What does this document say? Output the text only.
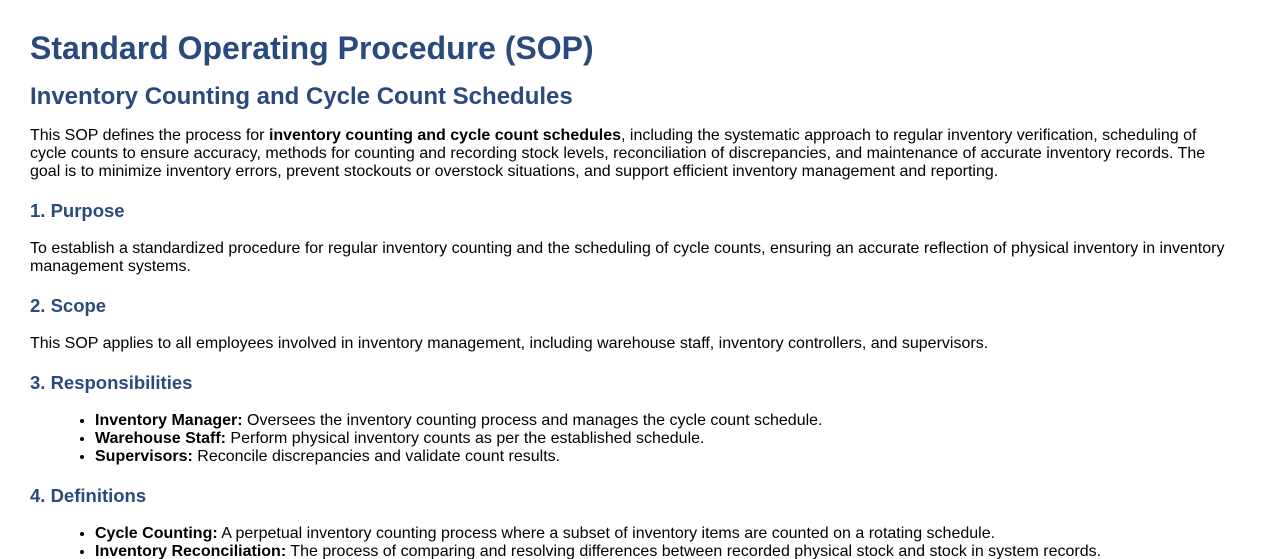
Standard Operating Procedure (SOP)
Inventory Counting and Cycle Count Schedules

This SOP defines the process for inventory counting and cycle count schedules, including the systematic approach to regular inventory verification, scheduling of cycle counts to ensure accuracy, methods for counting and recording stock levels, reconciliation of discrepancies, and maintenance of accurate inventory records. The goal is to minimize inventory errors, prevent stockouts or overstock situations, and support efficient inventory management and reporting.

1. Purpose

To establish a standardized procedure for regular inventory counting and the scheduling of cycle counts, ensuring an accurate reflection of physical inventory in inventory management systems.

2. Scope

This SOP applies to all employees involved in inventory management, including warehouse staff, inventory controllers, and supervisors.

3. Responsibilities
• Inventory Manager: Oversees the inventory counting process and manages the cycle count schedule.
• Warehouse Staff: Perform physical inventory counts as per the established schedule.
• Supervisors: Reconcile discrepancies and validate count results.
4. Definitions
• Cycle Counting: A perpetual inventory counting process where a subset of inventory items are counted on a rotating schedule.
• Inventory Reconciliation: The process of comparing and resolving differences between recorded physical stock and stock in system records.
